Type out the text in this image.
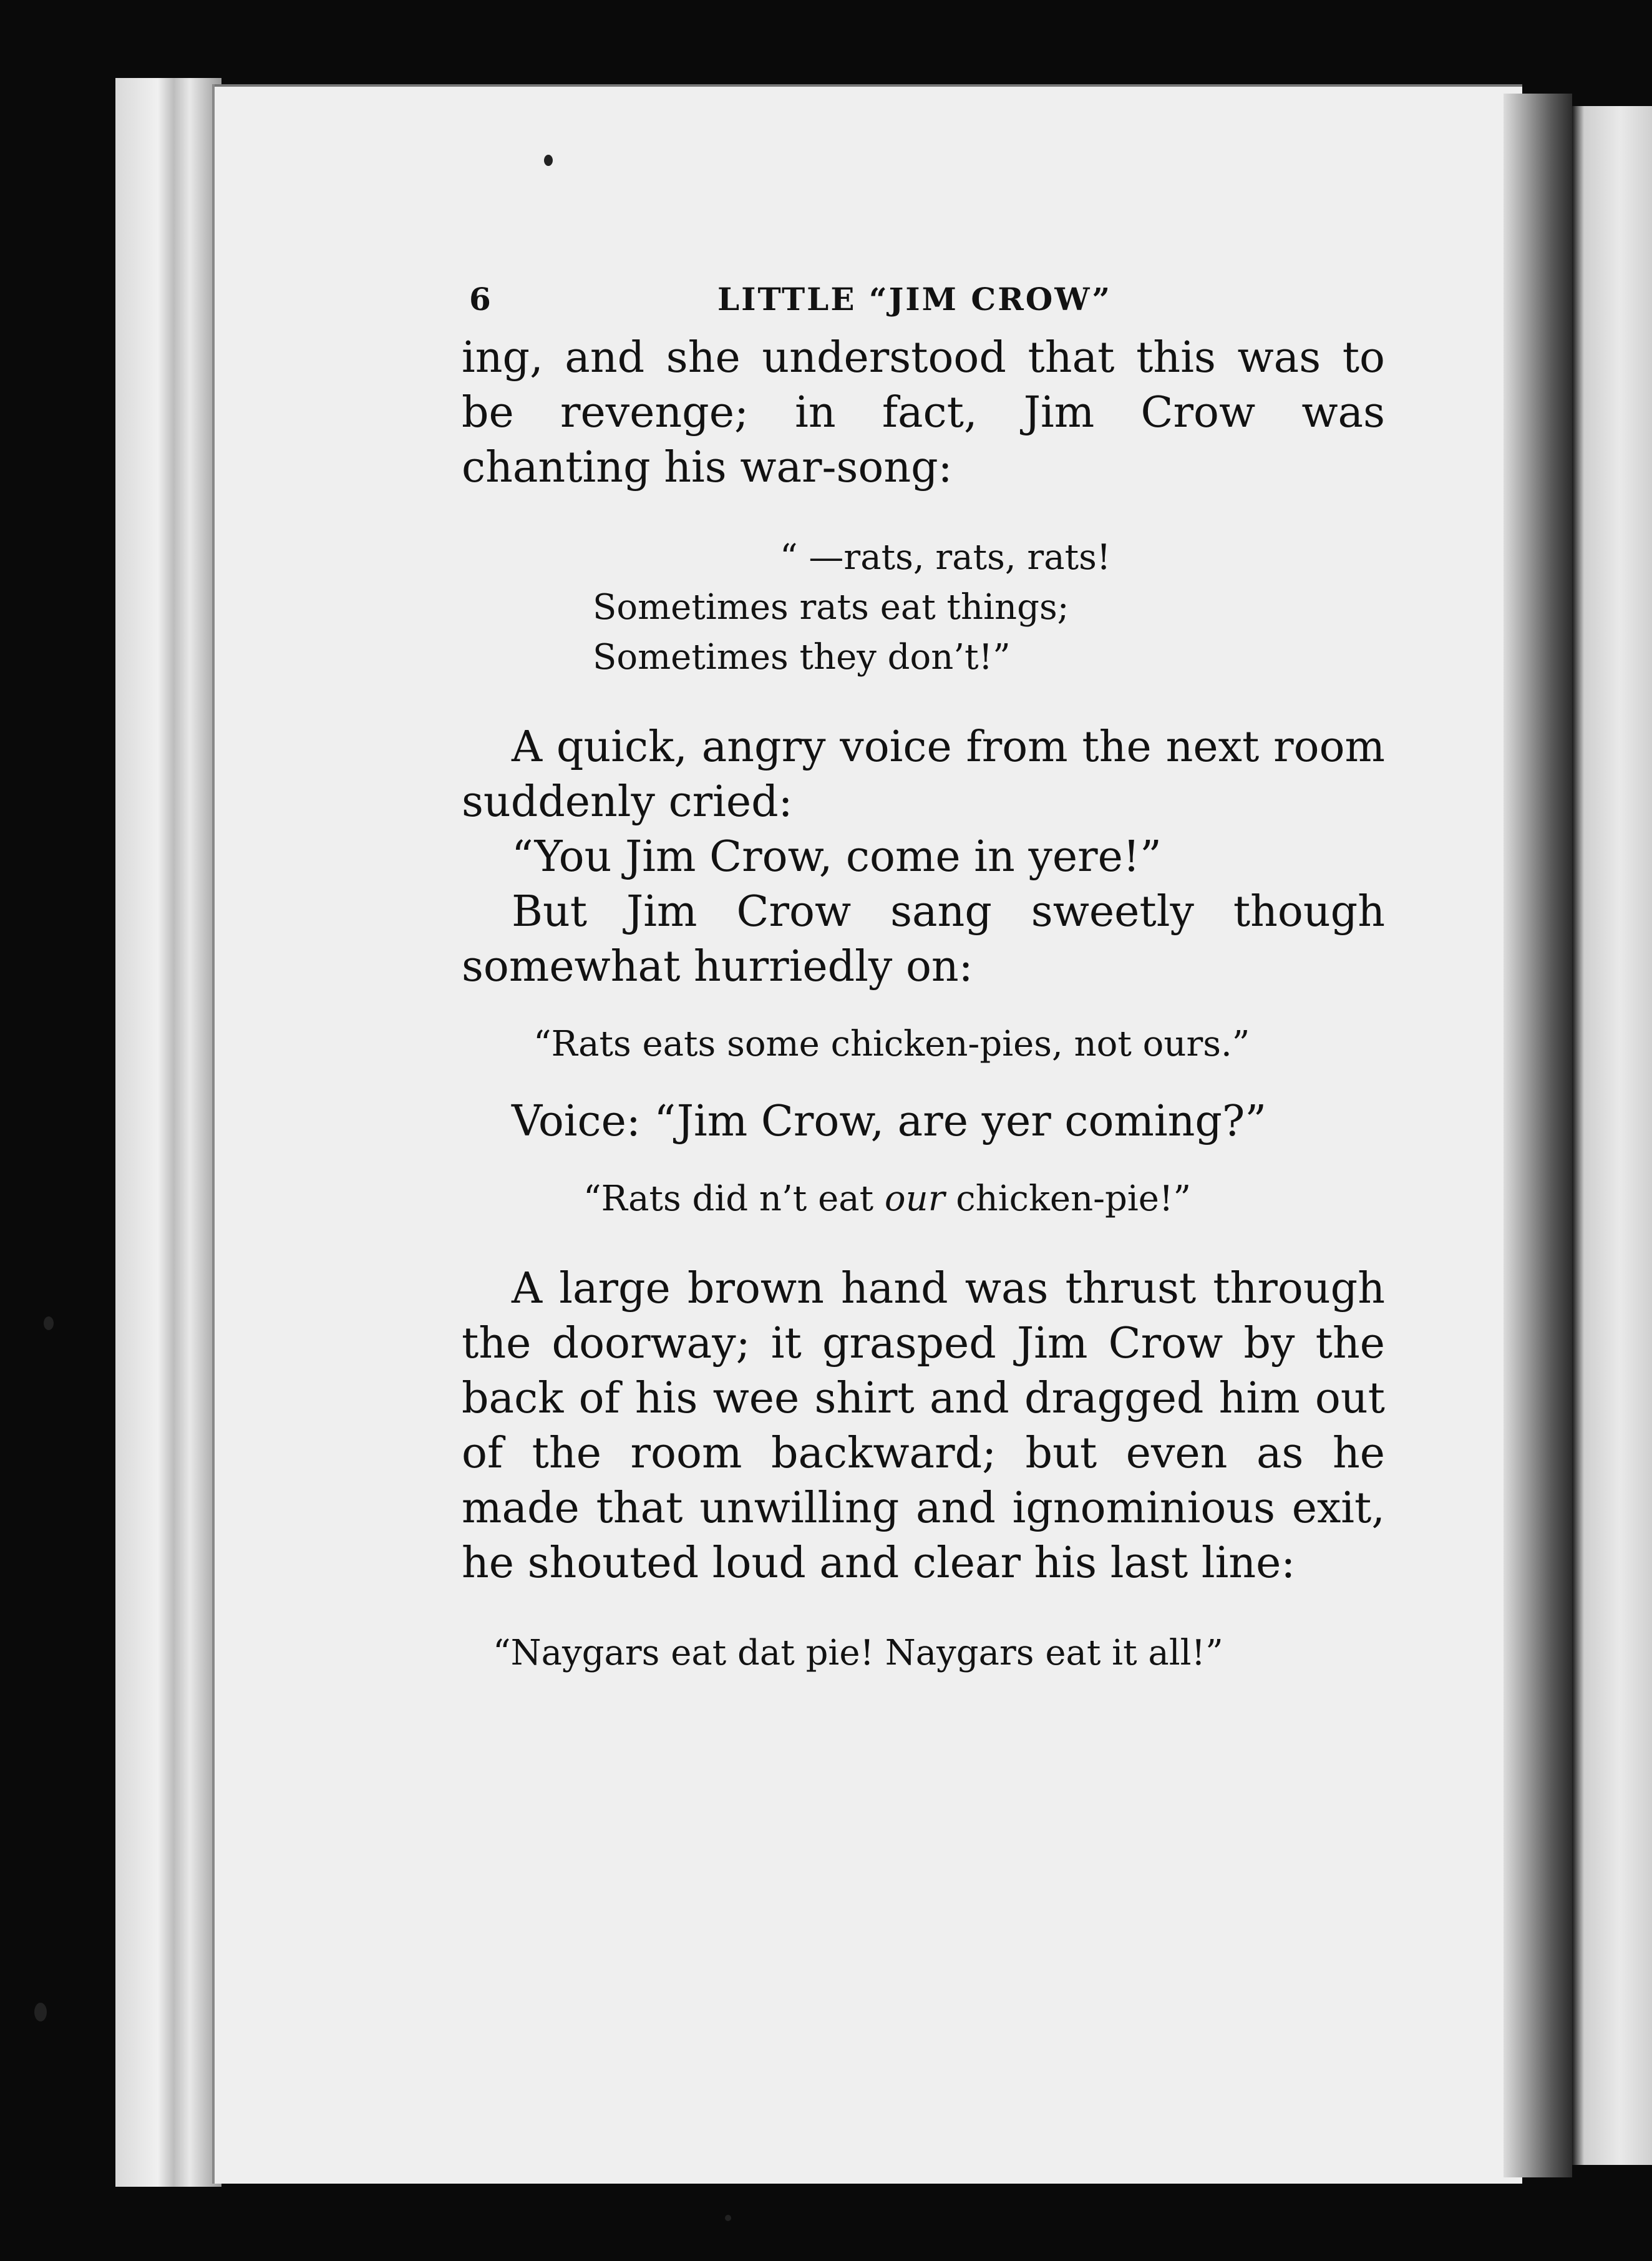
6	LITTLE “JIM CROW”

ing, and she understood that this was to be revenge; in fact, Jim Crow was chanting his war-song:

“ —rats, rats, rats!

Sometimes rats eat things;

Sometimes they don’t!”

A quick, angry voice from the next room suddenly cried:

“You Jim Crow, come in yere!”

But Jim Crow sang sweetly though somewhat hurriedly on:

“Rats eats some chicken-pies, not ours.”

Voice: “Jim Crow, are yer coming?”

“Rats did n’t eat our chicken-pie!”

A large brown hand was thrust through the doorway; it grasped Jim Crow by the back of his wee shirt and dragged him out of the room backward; but even as he made that unwilling and ignominious exit, he shouted loud and clear his last line:

“Naygars eat dat pie! Naygars eat it all!”
